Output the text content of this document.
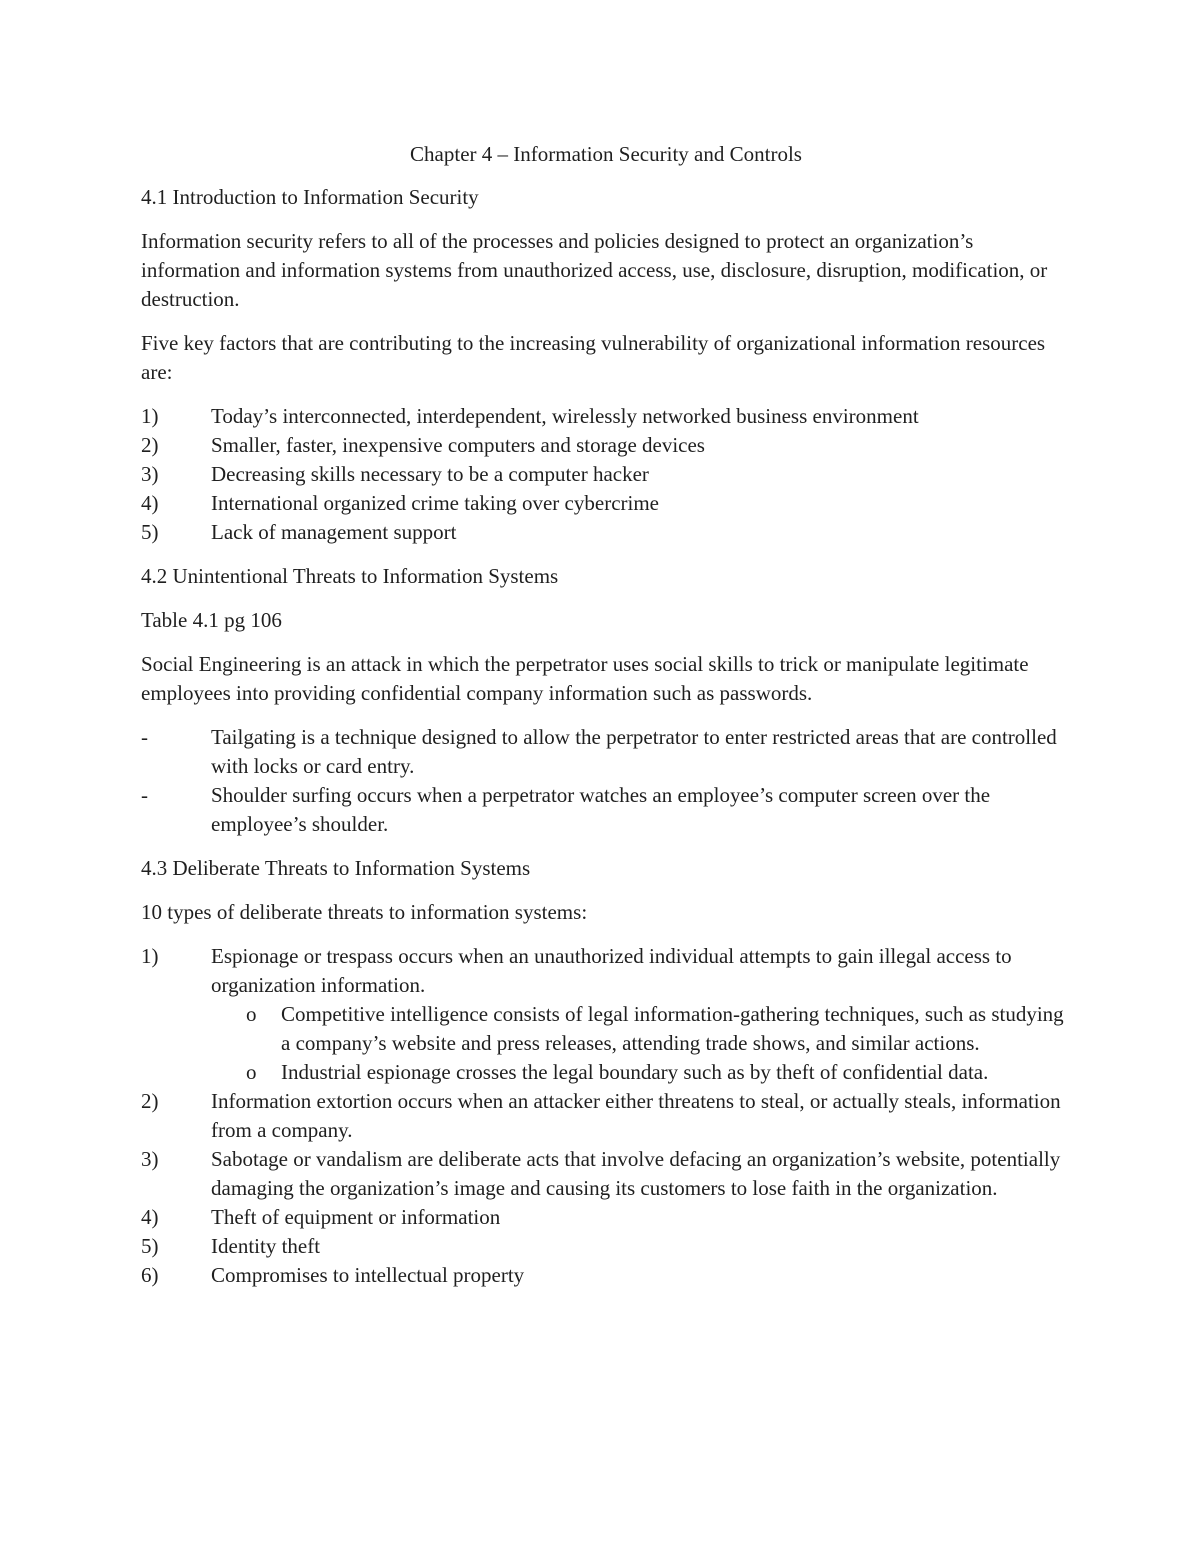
Chapter 4 – Information Security and Controls

4.1 Introduction to Information Security

Information security refers to all of the processes and policies designed to protect an organization’s information and information systems from unauthorized access, use, disclosure, disruption, modification, or destruction.

Five key factors that are contributing to the increasing vulnerability of organizational information resources are:

1)	Today’s interconnected, interdependent, wirelessly networked business environment
2)	Smaller, faster, inexpensive computers and storage devices
3)	Decreasing skills necessary to be a computer hacker
4)	International organized crime taking over cybercrime
5)	Lack of management support

4.2 Unintentional Threats to Information Systems

Table 4.1 pg 106

Social Engineering is an attack in which the perpetrator uses social skills to trick or manipulate legitimate employees into providing confidential company information such as passwords.

-	Tailgating is a technique designed to allow the perpetrator to enter restricted areas that are controlled with locks or card entry.
-	Shoulder surfing occurs when a perpetrator watches an employee’s computer screen over the employee’s shoulder.

4.3 Deliberate Threats to Information Systems

10 types of deliberate threats to information systems:

1)	Espionage or trespass occurs when an unauthorized individual attempts to gain illegal access to organization information.
o	Competitive intelligence consists of legal information-gathering techniques, such as studying a company’s website and press releases, attending trade shows, and similar actions.
o	Industrial espionage crosses the legal boundary such as by theft of confidential data.
2)	Information extortion occurs when an attacker either threatens to steal, or actually steals, information from a company.
3)	Sabotage or vandalism are deliberate acts that involve defacing an organization’s website, potentially damaging the organization’s image and causing its customers to lose faith in the organization.
4)	Theft of equipment or information
5)	Identity theft
6)	Compromises to intellectual property
